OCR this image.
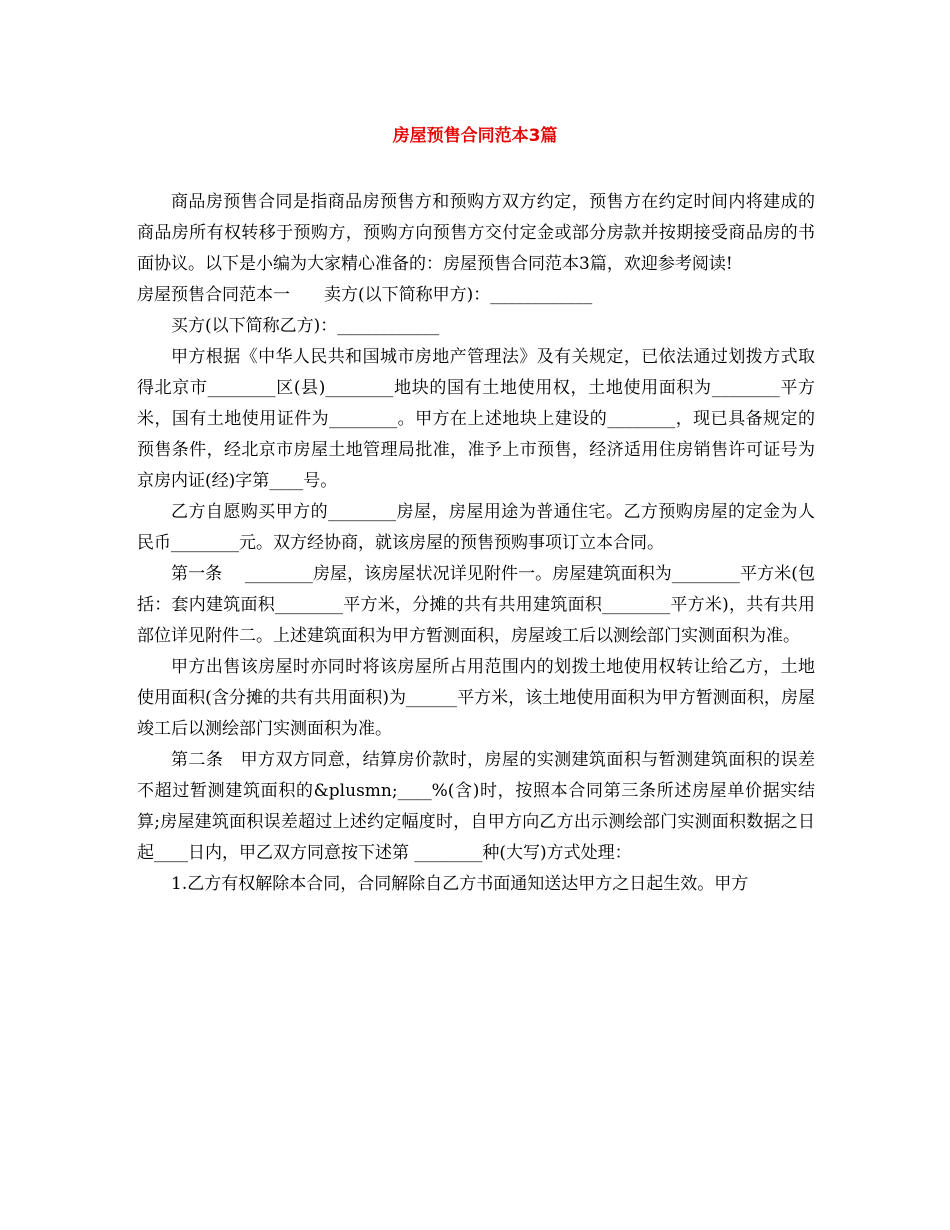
房屋预售合同范本3篇

商品房预售合同是指商品房预售方和预购方双方约定，预售方在约定时间内将建成的商品房所有权转移于预购方，预购方向预售方交付定金或部分房款并按期接受商品房的书面协议。以下是小编为大家精心准备的：房屋预售合同范本3篇，欢迎参考阅读!

房屋预售合同范本一　　卖方(以下简称甲方)：____________

买方(以下简称乙方)：____________

甲方根据《中华人民共和国城市房地产管理法》及有关规定，已依法通过划拨方式取得北京市________区(县)________地块的国有土地使用权，土地使用面积为________平方米，国有土地使用证件为________。甲方在上述地块上建设的________，现已具备规定的预售条件，经北京市房屋土地管理局批准，准予上市预售，经济适用住房销售许可证号为京房内证(经)字第____号。

乙方自愿购买甲方的________房屋，房屋用途为普通住宅。乙方预购房屋的定金为人民币________元。双方经协商，就该房屋的预售预购事项订立本合同。

第一条　 ________房屋，该房屋状况详见附件一。房屋建筑面积为________平方米(包括：套内建筑面积________平方米，分摊的共有共用建筑面积________平方米)，共有共用部位详见附件二。上述建筑面积为甲方暂测面积，房屋竣工后以测绘部门实测面积为准。

甲方出售该房屋时亦同时将该房屋所占用范围内的划拨土地使用权转让给乙方，土地使用面积(含分摊的共有共用面积)为______平方米，该土地使用面积为甲方暂测面积，房屋竣工后以测绘部门实测面积为准。

第二条　甲方双方同意，结算房价款时，房屋的实测建筑面积与暂测建筑面积的误差不超过暂测建筑面积的&plusmn;____%(含)时，按照本合同第三条所述房屋单价据实结算;房屋建筑面积误差超过上述约定幅度时，自甲方向乙方出示测绘部门实测面积数据之日起____日内，甲乙双方同意按下述第 ________种(大写)方式处理：

1.乙方有权解除本合同，合同解除自乙方书面通知送达甲方之日起生效。甲方
